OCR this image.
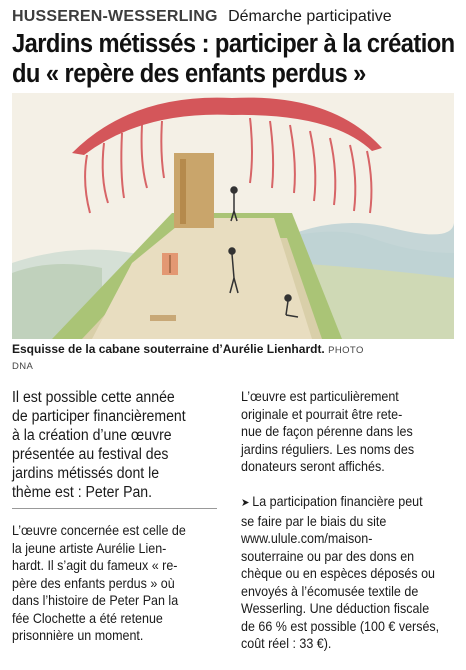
HUSSEREN-WESSERLING Démarche participative
Jardins métissés : participer à la création
du « repère des enfants perdus »

Esquisse de la cabane souterraine d’Aurélie Lienhardt. PHOTO
DNA

Il est possible cette année

de participer financièrement

à la création d’une œuvre

présentée au festival des

jardins métissés dont le

thème est : Peter Pan.

L’œuvre concernée est celle de

la jeune artiste Aurélie Lien-

hardt. Il s’agit du fameux « re-

père des enfants perdus » où

dans l’histoire de Peter Pan la

fée Clochette a été retenue

prisonnière un moment.

L’œuvre est particulièrement

originale et pourrait être rete-

nue de façon pérenne dans les

jardins réguliers. Les noms des

donateurs seront affichés.

➤ La participation financière peut

se faire par le biais du site

www.ulule.com/maison-

souterraine ou par des dons en

chèque ou en espèces déposés ou

envoyés à l’écomusée textile de

Wesserling. Une déduction fiscale

de 66 % est possible (100 € versés,

coût réel : 33 €).
